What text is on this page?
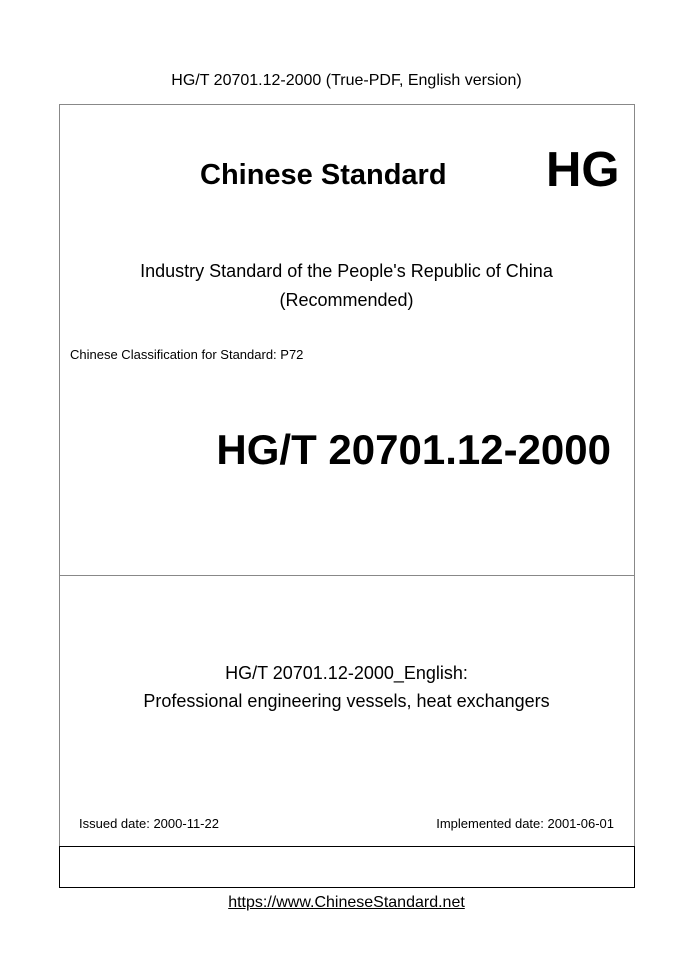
HG/T 20701.12-2000 (True-PDF, English version)
Chinese Standard HG
Industry Standard of the People's Republic of China
(Recommended)
Chinese Classification for Standard: P72
HG/T 20701.12-2000
HG/T 20701.12-2000_English:
Professional engineering vessels, heat exchangers
Issued date: 2000-11-22	Implemented date: 2001-06-01
https://www.ChineseStandard.net
